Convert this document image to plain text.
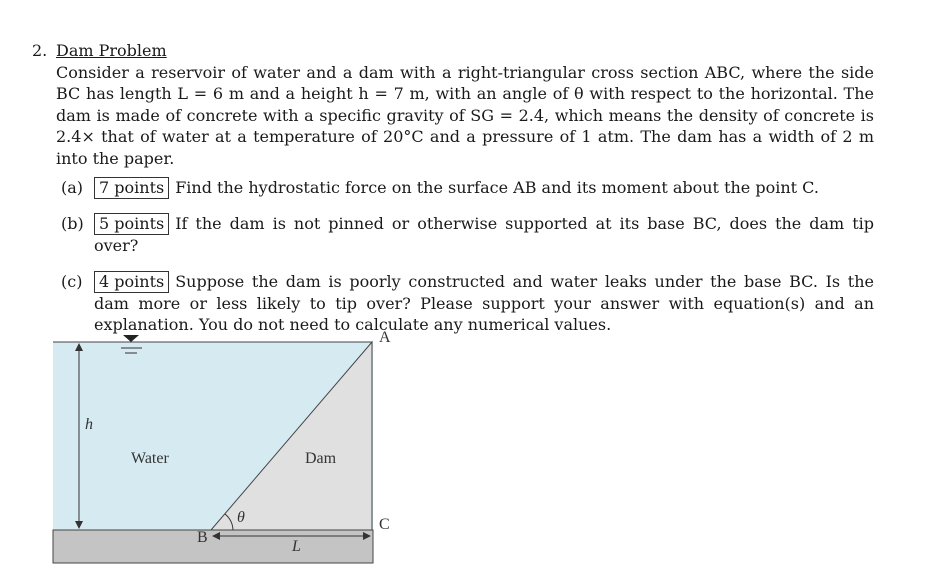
2. Dam Problem
Consider a reservoir of water and a dam with a right-triangular cross section ABC, where the side BC has length L = 6 m and a height h = 7 m, with an angle of θ with respect to the horizontal. The dam is made of concrete with a specific gravity of SG = 2.4, which means the density of concrete is 2.4× that of water at a temperature of 20°C and a pressure of 1 atm. The dam has a width of 2 m into the paper.
(a) 7 points Find the hydrostatic force on the surface AB and its moment about the point C.
(b) 5 points If the dam is not pinned or otherwise supported at its base BC, does the dam tip over?
(c) 4 points Suppose the dam is poorly constructed and water leaks under the base BC. Is the dam more or less likely to tip over? Please support your answer with equation(s) and an explanation. You do not need to calculate any numerical values.
A
B
C
h
L
θ
Water	Dam
